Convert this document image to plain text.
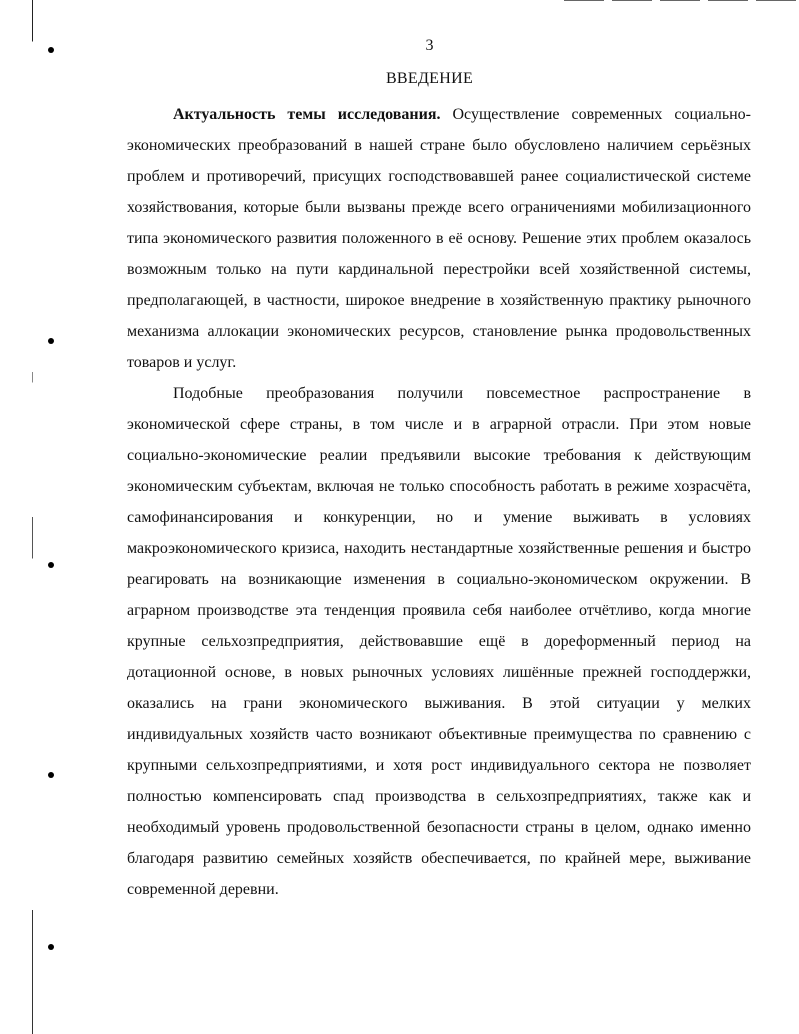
3
ВВЕДЕНИЕ

Актуальность темы исследования. Осуществление современных социально-экономических преобразований в нашей стране было обусловлено наличием серьёзных проблем и противоречий, присущих господствовавшей ранее социалистической системе хозяйствования, которые были вызваны прежде всего ограничениями мобилизационного типа экономического развития положенного в её основу. Решение этих проблем оказалось возможным только на пути кардинальной перестройки всей хозяйственной системы, предполагающей, в частности, широкое внедрение в хозяйственную практику рыночного механизма аллокации экономических ресурсов, становление рынка продовольственных товаров и услуг.

Подобные преобразования получили повсеместное распространение в экономической сфере страны, в том числе и в аграрной отрасли. При этом новые социально-экономические реалии предъявили высокие требования к действующим экономическим субъектам, включая не только способность работать в режиме хозрасчёта, самофинансирования и конкуренции, но и умение выживать в условиях макроэкономического кризиса, находить нестандартные хозяйственные решения и быстро реагировать на возникающие изменения в социально-экономическом окружении. В аграрном производстве эта тенденция проявила себя наиболее отчётливо, когда многие крупные сельхозпредприятия, действовавшие ещё в дореформенный период на дотационной основе, в новых рыночных условиях лишённые прежней господдержки, оказались на грани экономического выживания. В этой ситуации у мелких индивидуальных хозяйств часто возникают объективные преимущества по сравнению с крупными сельхозпредприятиями, и хотя рост индивидуального сектора не позволяет полностью компенсировать спад производства в сельхозпредприятиях, также как и необходимый уровень продовольственной безопасности страны в целом, однако именно благодаря развитию семейных хозяйств обеспечивается, по крайней мере, выживание современной деревни.
